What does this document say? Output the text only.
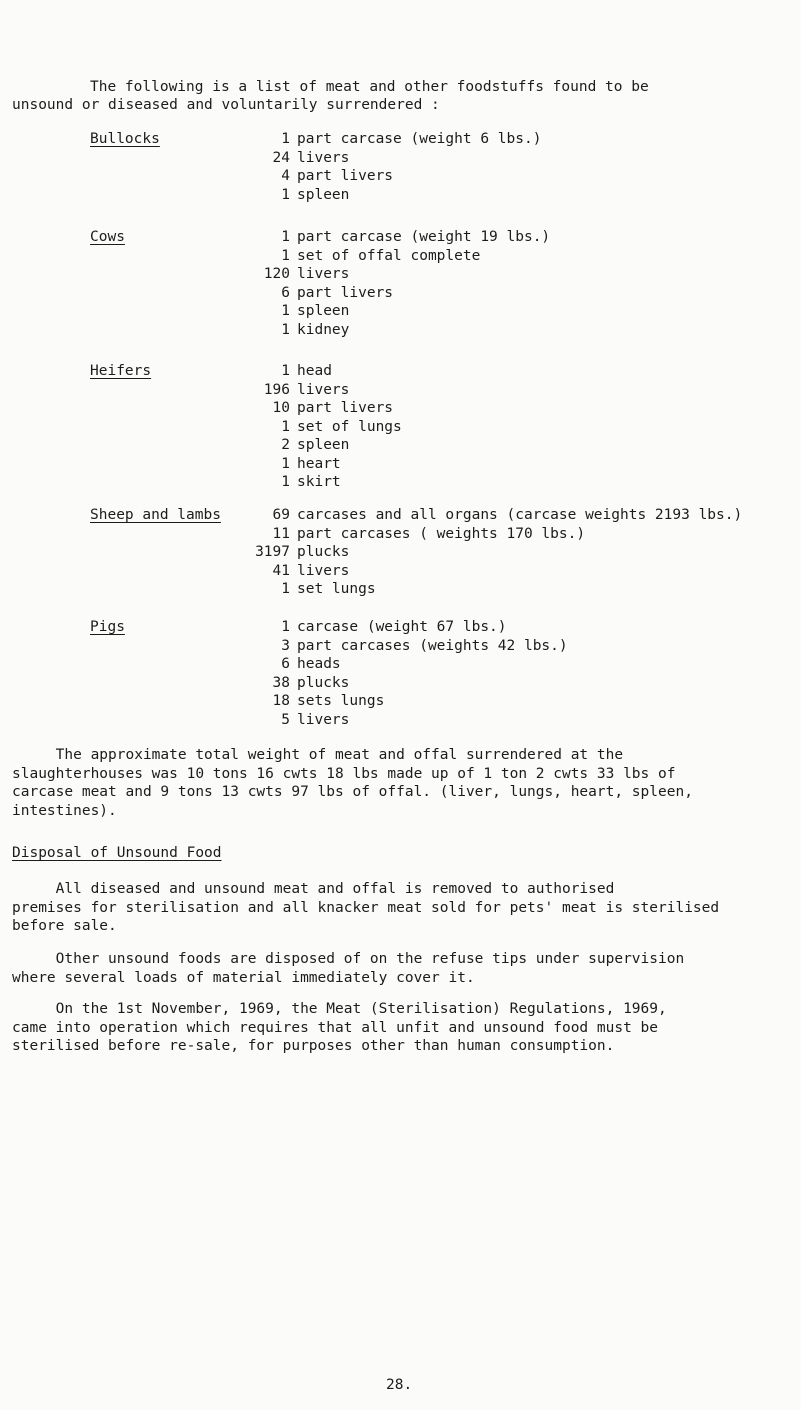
The following is a list of meat and other foodstuffs found to be
unsound or diseased and voluntarily surrendered :
Bullocks	1 part carcase (weight 6 lbs.)
24 livers
4 part livers
1 spleen
Cows	1 part carcase (weight 19 lbs.)
1 set of offal complete
120 livers
6 part livers
1 spleen
1 kidney
Heifers	1 head
196 livers
10 part livers
1 set of lungs
2 spleen
1 heart
1 skirt
Sheep and lambs	69 carcases and all organs (carcase weights 2193 lbs.)
11 part carcases ( weights 170 lbs.)
3197 plucks
41 livers
1 set lungs
Pigs	1 carcase (weight 67 lbs.)
3 part carcases (weights 42 lbs.)
6 heads
38 plucks
18 sets lungs
5 livers
The approximate total weight of meat and offal surrendered at the
slaughterhouses was 10 tons 16 cwts 18 lbs made up of 1 ton 2 cwts 33 lbs of
carcase meat and 9 tons 13 cwts 97 lbs of offal. (liver, lungs, heart, spleen,
intestines).
Disposal of Unsound Food
All diseased and unsound meat and offal is removed to authorised
premises for sterilisation and all knacker meat sold for pets' meat is sterilised
before sale.
Other unsound foods are disposed of on the refuse tips under supervision
where several loads of material immediately cover it.
On the 1st November, 1969, the Meat (Sterilisation) Regulations, 1969,
came into operation which requires that all unfit and unsound food must be
sterilised before re-sale, for purposes other than human consumption.
28.
